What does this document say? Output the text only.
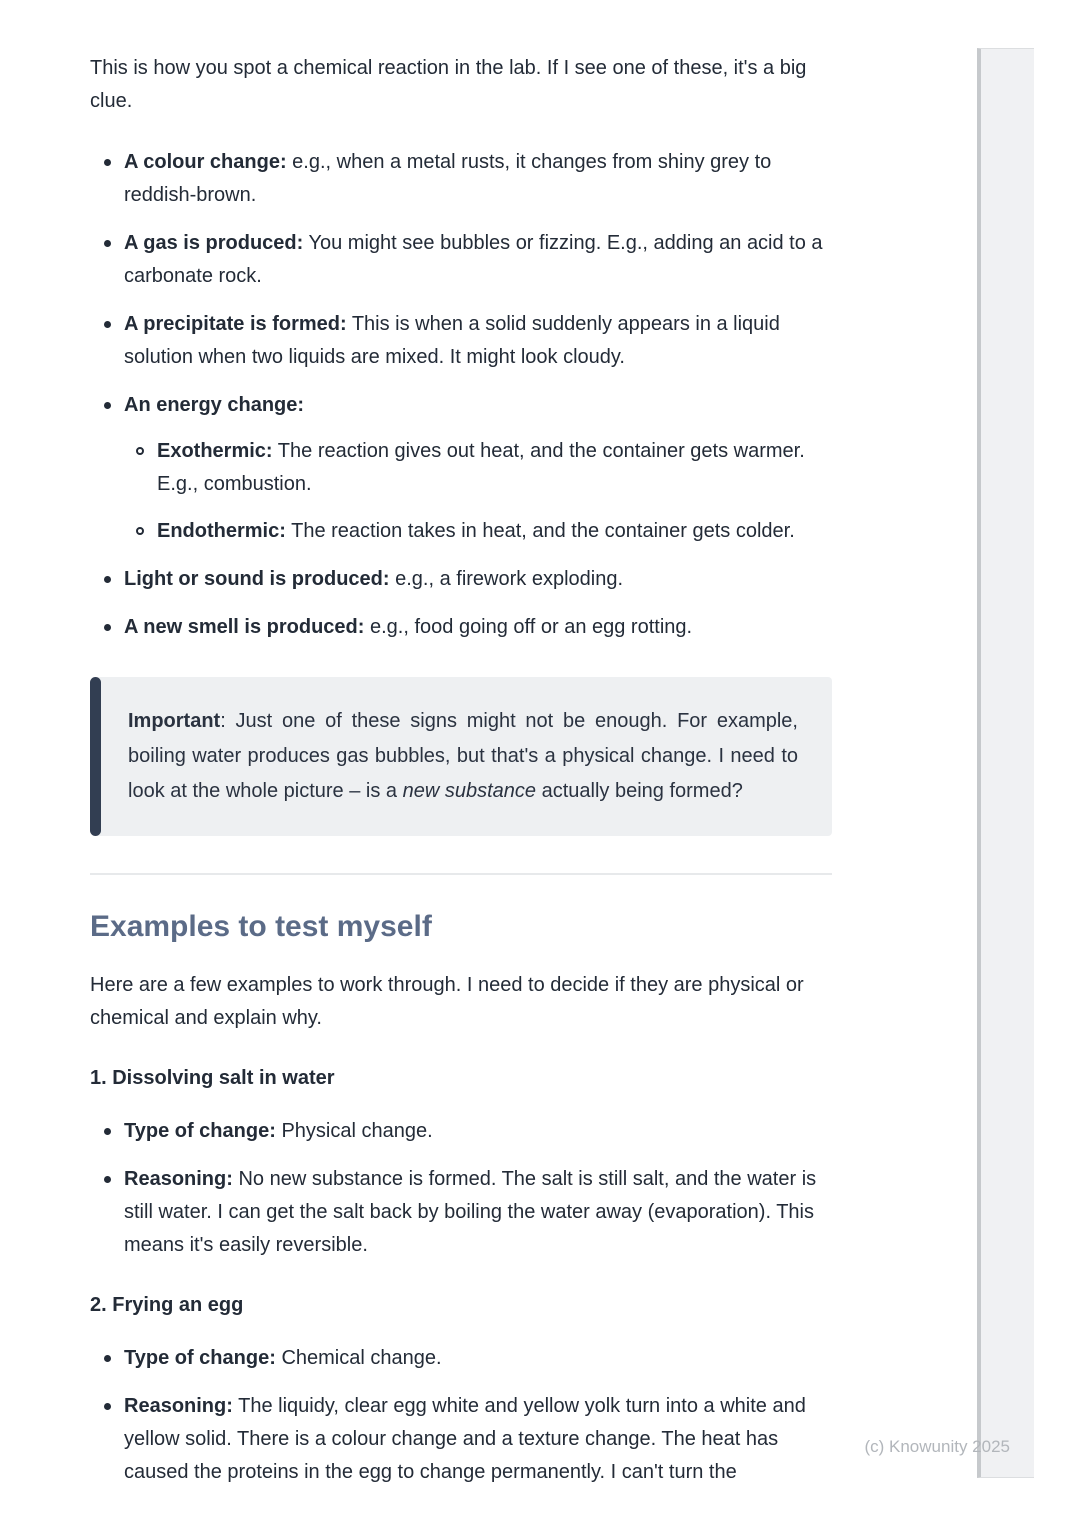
This is how you spot a chemical reaction in the lab. If I see one of these, it's a big clue.

A colour change: e.g., when a metal rusts, it changes from shiny grey to reddish-brown.

A gas is produced: You might see bubbles or fizzing. E.g., adding an acid to a carbonate rock.

A precipitate is formed: This is when a solid suddenly appears in a liquid solution when two liquids are mixed. It might look cloudy.

An energy change:

Exothermic: The reaction gives out heat, and the container gets warmer. E.g., combustion.

Endothermic: The reaction takes in heat, and the container gets colder.

Light or sound is produced: e.g., a firework exploding.

A new smell is produced: e.g., food going off or an egg rotting.

Important: Just one of these signs might not be enough. For example, boiling water produces gas bubbles, but that's a physical change. I need to look at the whole picture – is a new substance actually being formed?

Examples to test myself

Here are a few examples to work through. I need to decide if they are physical or chemical and explain why.

1. Dissolving salt in water

Type of change: Physical change.

Reasoning: No new substance is formed. The salt is still salt, and the water is still water. I can get the salt back by boiling the water away (evaporation). This means it's easily reversible.

2. Frying an egg

Type of change: Chemical change.

Reasoning: The liquidy, clear egg white and yellow yolk turn into a white and yellow solid. There is a colour change and a texture change. The heat has caused the proteins in the egg to change permanently. I can't turn the

(c) Knowunity 2025
